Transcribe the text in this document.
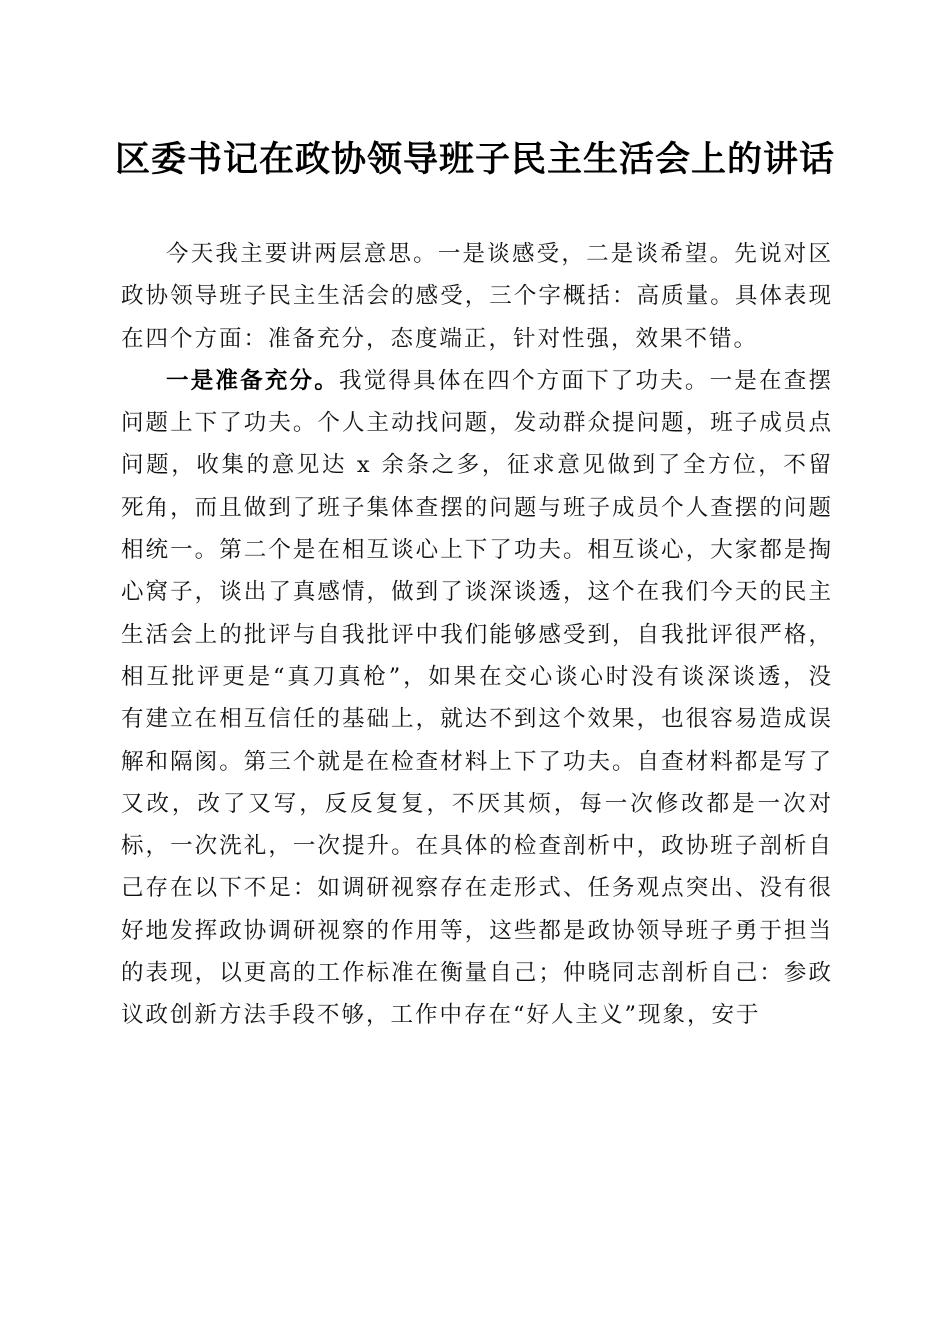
区委书记在政协领导班子民主生活会上的讲话

今天我主要讲两层意思。一是谈感受，二是谈希望。先说对区政协领导班子民主生活会的感受，三个字概括：高质量。具体表现在四个方面：准备充分，态度端正，针对性强，效果不错。

一是准备充分。我觉得具体在四个方面下了功夫。一是在查摆问题上下了功夫。个人主动找问题，发动群众提问题，班子成员点问题，收集的意见达 x 余条之多，征求意见做到了全方位，不留死角，而且做到了班子集体查摆的问题与班子成员个人查摆的问题相统一。第二个是在相互谈心上下了功夫。相互谈心，大家都是掏心窝子，谈出了真感情，做到了谈深谈透，这个在我们今天的民主生活会上的批评与自我批评中我们能够感受到，自我批评很严格，相互批评更是“真刀真枪”，如果在交心谈心时没有谈深谈透，没有建立在相互信任的基础上，就达不到这个效果，也很容易造成误解和隔阂。第三个就是在检查材料上下了功夫。自查材料都是写了又改，改了又写，反反复复，不厌其烦，每一次修改都是一次对标，一次洗礼，一次提升。在具体的检查剖析中，政协班子剖析自己存在以下不足：如调研视察存在走形式、任务观点突出、没有很好地发挥政协调研视察的作用等，这些都是政协领导班子勇于担当的表现，以更高的工作标准在衡量自己；仲晓同志剖析自己：参政议政创新方法手段不够，工作中存在“好人主义”现象，安于
